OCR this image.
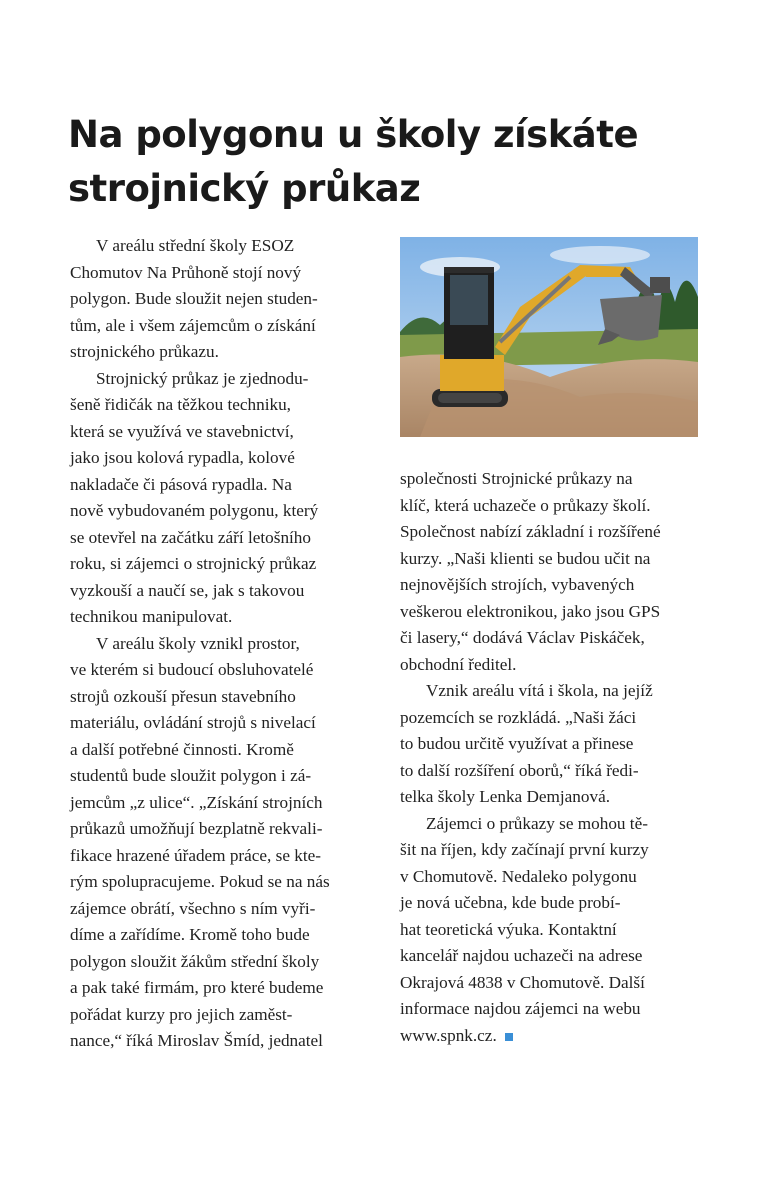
Na polygonu u školy získáte
strojnický průkaz
V areálu střední školy ESOZ
Chomutov Na Průhoně stojí nový
polygon. Bude sloužit nejen studen-
tům, ale i všem zájemcům o získání
strojnického průkazu.
Strojnický průkaz je zjednodu-
šeně řidičák na těžkou techniku,
která se využívá ve stavebnictví,
jako jsou kolová rypadla, kolové
nakladače či pásová rypadla. Na
nově vybudovaném polygonu, který
se otevřel na začátku září letošního
roku, si zájemci o strojnický průkaz
vyzkouší a naučí se, jak s takovou
technikou manipulovat.
V areálu školy vznikl prostor,
ve kterém si budoucí obsluhovatelé
strojů ozkouší přesun stavebního
materiálu, ovládání strojů s nivelací
a další potřebné činnosti. Kromě
studentů bude sloužit polygon i zá-
jemcům „z ulice“. „Získání strojních
průkazů umožňují bezplatně rekvali-
fikace hrazené úřadem práce, se kte-
rým spolupracujeme. Pokud se na nás
zájemce obrátí, všechno s ním vyři-
díme a zařídíme. Kromě toho bude
polygon sloužit žákům střední školy
a pak také firmám, pro které budeme
pořádat kurzy pro jejich zaměst-
nance,“ říká Miroslav Šmíd, jednatel
společnosti Strojnické průkazy na
klíč, která uchazeče o průkazy školí.
Společnost nabízí základní i rozšířené
kurzy. „Naši klienti se budou učit na
nejnovějších strojích, vybavených
veškerou elektronikou, jako jsou GPS
či lasery,“ dodává Václav Piskáček,
obchodní ředitel.
Vznik areálu vítá i škola, na jejíž
pozemcích se rozkládá. „Naši žáci
to budou určitě využívat a přinese
to další rozšíření oborů,“ říká ředi-
telka školy Lenka Demjanová.
Zájemci o průkazy se mohou tě-
šit na říjen, kdy začínají první kurzy
v Chomutově. Nedaleko polygonu
je nová učebna, kde bude probí-
hat teoretická výuka. Kontaktní
kancelář najdou uchazeči na adrese
Okrajová 4838 v Chomutově. Další
informace najdou zájemci na webu
www.spnk.cz.
